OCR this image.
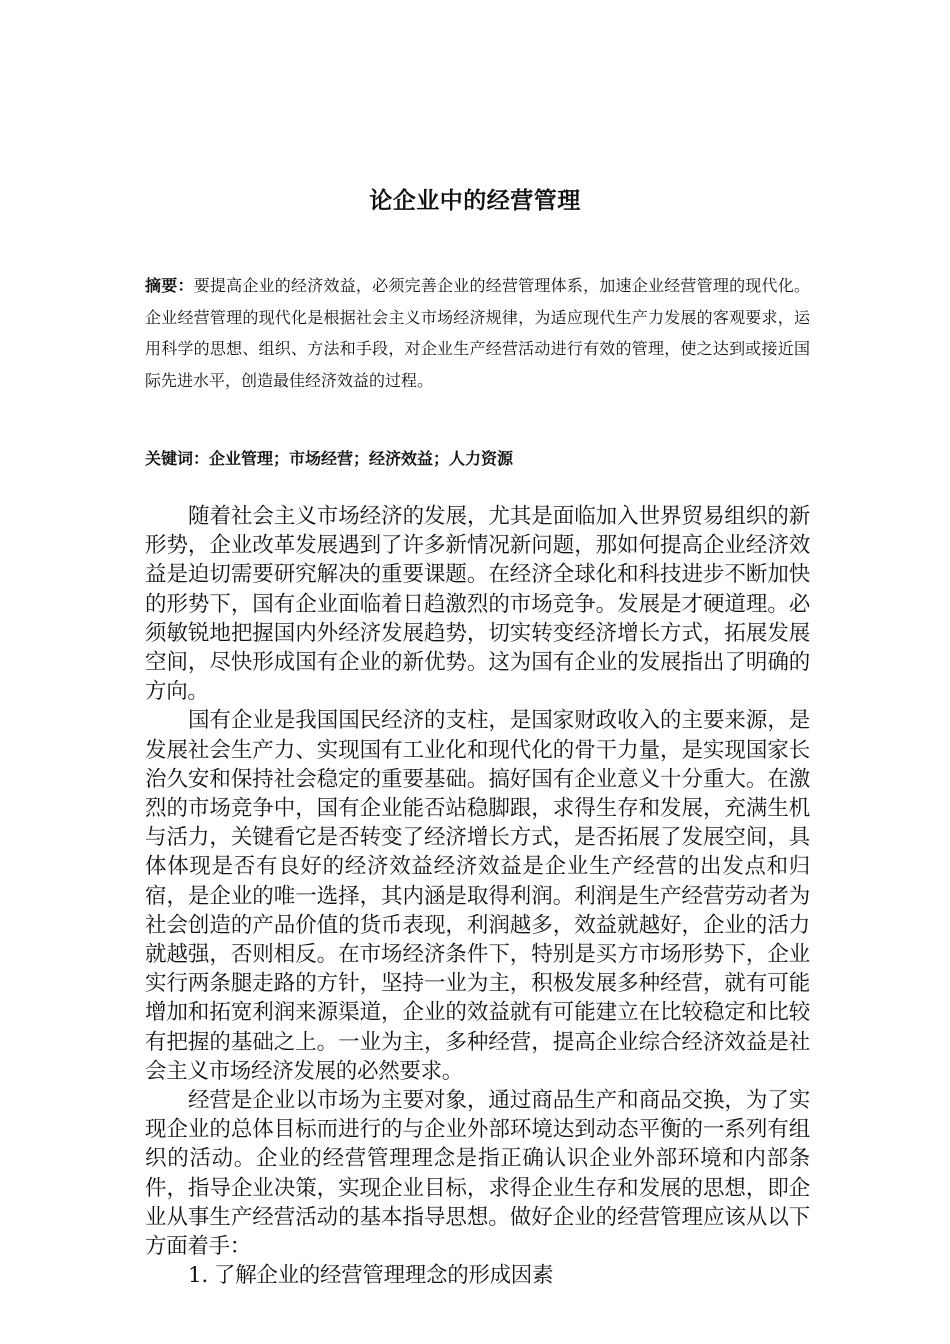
论企业中的经营管理
摘要：要提高企业的经济效益，必须完善企业的经营管理体系，加速企业经营管理的现代化。企业经营管理的现代化是根据社会主义市场经济规律，为适应现代生产力发展的客观要求，运用科学的思想、组织、方法和手段，对企业生产经营活动进行有效的管理，使之达到或接近国际先进水平，创造最佳经济效益的过程。
关键词：企业管理；市场经营；经济效益；人力资源

随着社会主义市场经济的发展，尤其是面临加入世界贸易组织的新形势，企业改革发展遇到了许多新情况新问题，那如何提高企业经济效益是迫切需要研究解决的重要课题。在经济全球化和科技进步不断加快的形势下，国有企业面临着日趋激烈的市场竞争。发展是才硬道理。必须敏锐地把握国内外经济发展趋势，切实转变经济增长方式，拓展发展空间，尽快形成国有企业的新优势。这为国有企业的发展指出了明确的方向。

国有企业是我国国民经济的支柱，是国家财政收入的主要来源，是发展社会生产力、实现国有工业化和现代化的骨干力量，是实现国家长治久安和保持社会稳定的重要基础。搞好国有企业意义十分重大。在激烈的市场竞争中，国有企业能否站稳脚跟，求得生存和发展，充满生机与活力，关键看它是否转变了经济增长方式，是否拓展了发展空间，具体体现是否有良好的经济效益经济效益是企业生产经营的出发点和归宿，是企业的唯一选择，其内涵是取得利润。利润是生产经营劳动者为社会创造的产品价值的货币表现，利润越多，效益就越好，企业的活力就越强，否则相反。在市场经济条件下，特别是买方市场形势下，企业实行两条腿走路的方针，坚持一业为主，积极发展多种经营，就有可能增加和拓宽利润来源渠道，企业的效益就有可能建立在比较稳定和比较有把握的基础之上。一业为主，多种经营，提高企业综合经济效益是社会主义市场经济发展的必然要求。

经营是企业以市场为主要对象，通过商品生产和商品交换，为了实现企业的总体目标而进行的与企业外部环境达到动态平衡的一系列有组织的活动。企业的经营管理理念是指正确认识企业外部环境和内部条件，指导企业决策，实现企业目标，求得企业生存和发展的思想，即企业从事生产经营活动的基本指导思想。做好企业的经营管理应该从以下方面着手：

1. 了解企业的经营管理理念的形成因素
